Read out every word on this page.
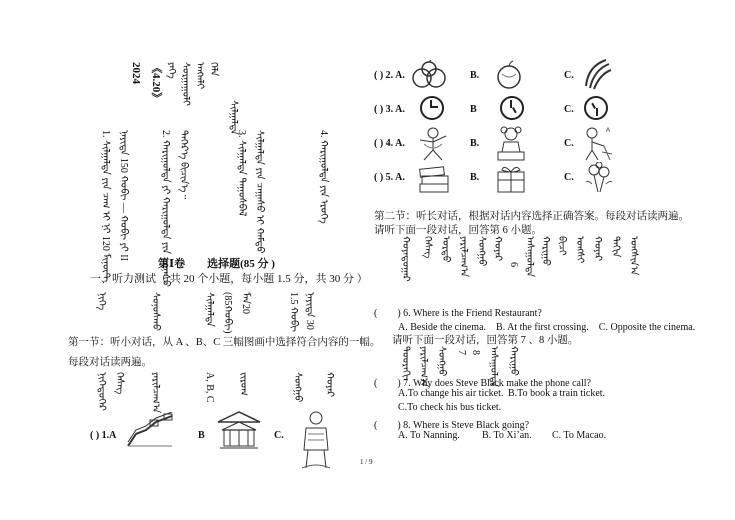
2024 《4.20》 ᠶᠡᠬᠡ ᠰᠤᠷᠭᠠᠭᠤᠯᠢ ᠠᠩᠭ᠍ᠯᠢ ᠬᠡᠯᠡ
ᠰᠢᠯᠭᠠᠯᠲᠠ
1. ᠰᠢᠯᠭᠠᠯᠲᠠ ᠶᠢᠨ ᠴᠠᠭ ᠢ ᠨᠢ 120 ᠮᠢᠨᠦ᠋ᠲ ᠨᠡᠶᠢᠲᠡ 150 ᠬᠤᠪᠢ — ᠬᠤᠪᠢ ᠶᠢ II	2. ᠬᠠᠷᠢᠭᠤᠯᠲᠠ ᠶᠢ ᠬᠠᠷᠢᠭᠤᠯᠲᠠ ᠶᠢᠨ ᠴᠠᠭᠠᠰᠤ ᠳᠡᠭᠡᠷ᠎ᠡ ᠪᠢᠴᠢᠨ᠎ᠡ᠃	3. ᠰᠢᠯᠭᠠᠯᠲᠠ ᠳᠠᠭᠤᠰᠪᠠᠯ ᠰᠢᠯᠭᠠᠯᠲᠠ ᠶᠢᠨ ᠴᠠᠭᠠᠰᠤ ᠢ ᠬᠠᠮᠲᠤ	4. ᠬᠠᠷᠢᠭᠤᠯᠲᠠ ᠶᠢᠨ ᠡᠷᠦᠬᠡ
第Ⅰ卷　　选择题(85 分 )
一、听力测试（ 共 20 个小题，每小题 1.5 分，共 30 分 ）
ᠨᠢᠭᠡ	ᠰᠣᠨᠣᠰᠬᠤ	ᠰᠢᠯᠭᠠᠯᠲᠠ (85ᠬᠤᠪᠢ) ᠮᠠᠨ20	1.5 ᠬᠤᠪᠢ ᠨᠡᠶᠢᠲᠡ 30
第一节：听小对话，从 A 、B、C 三幅图画中选择符合内容的一幅。
每段对话读两遍。
ᠨᠢᠭᠡᠳᠦᠭᠡᠷ ᠬᠡᠰᠡᠭ	ᠶᠠᠷᠢᠯᠴᠠᠭ᠎ᠠ	A, B, C ᠵᠢᠷᠤᠭ	ᠰᠣᠩᠭᠤ ᠬᠤᠶᠠᠷ
( ) 1.A	B	C.
( ) 2. A.	B.	C.
( ) 3. A.	B	C.
( ) 4. A.	B.	C.
( ) 5. A.	B.	C.
第二节：听长对话，根据对话内容选择正确答案。每段对话读两遍。
请听下面一段对话，回答第 6 小题。
ᠬᠣᠶᠠᠳᠤᠭᠠᠷ ᠬᠡᠰᠡᠭ ᠤᠷᠲᠤ ᠶᠠᠷᠢᠯᠴᠠᠭ᠎ᠠ ᠰᠣᠩᠭᠤ ᠬᠤᠶᠠᠷ
6 ᠠᠰᠠᠭᠤᠯᠲᠠ ᠬᠠᠷᠢᠭᠤ ᠪᠢᠴᠢ ᠤᠩᠰᠢ ᠬᠤᠶᠠᠷ ᠳᠠᠬᠢᠨ ᠤᠩᠰᠢᠨ᠎ᠠ
(　　) 6. Where is the Friend Restaurant?
A. Beside the cinema.　B. At the first crossing.　C. Opposite the cinema.
请听下面一段对话，回答第 7 、8 小题。
ᠳᠣᠣᠷᠠᠬᠢ ᠶᠠᠷᠢᠯᠴᠠᠭ᠎ᠠ ᠰᠣᠩᠭᠤ 7 8 ᠠᠰᠠᠭᠤᠯᠲᠠ ᠬᠠᠷᠢᠭᠤ
(　　) 7. Why does Steve Black make the phone call?
A.To change his air ticket. B.To book a train ticket.
C.To check his bus ticket.
(　　) 8. Where is Steve Black going?
A. To Nanning. B. To Xi’an. C. To Macao.
1 / 9
